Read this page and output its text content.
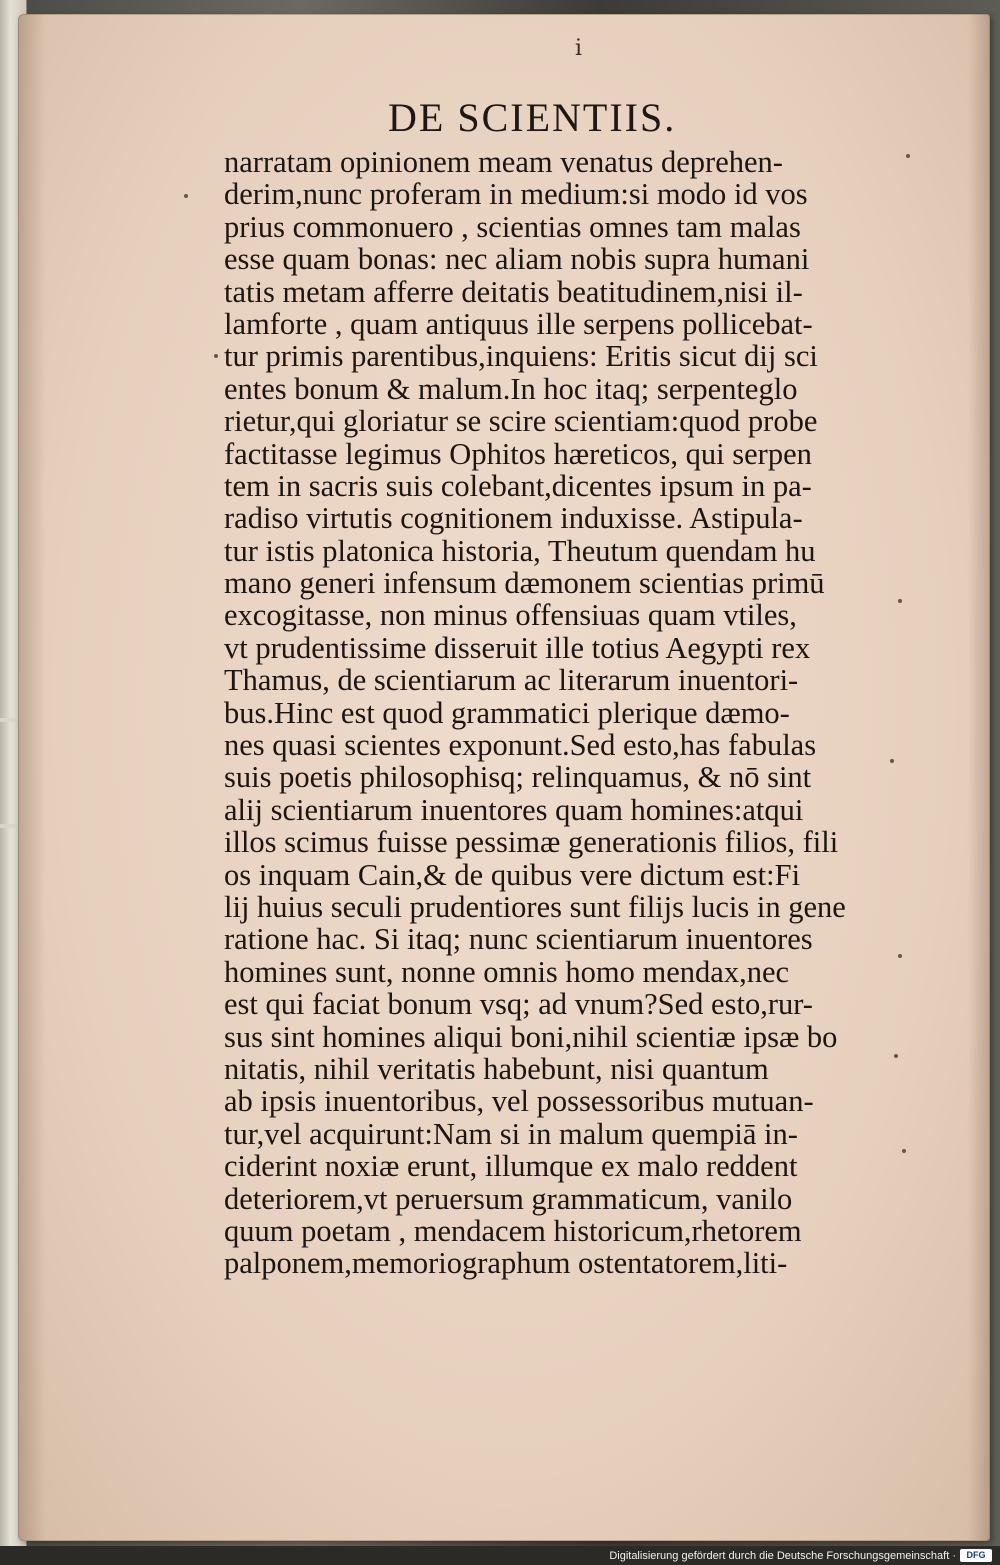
i
DE SCIENTIIS.
narratam opinionem meam venatus deprehen-
derim,nunc proferam in medium:si modo id vos
prius commonuero , scientias omnes tam malas
esse quam bonas: nec aliam nobis supra humani
tatis metam afferre deitatis beatitudinem,nisi il-
lamforte , quam antiquus ille serpens pollicebat-
tur primis parentibus,inquiens: Eritis sicut dij sci
entes bonum & malum.In hoc itaq; serpenteglo
rietur,qui gloriatur se scire scientiam:quod probe
factitasse legimus Ophitos hæreticos, qui serpen
tem in sacris suis colebant,dicentes ipsum in pa-
radiso virtutis cognitionem induxisse. Astipula-
tur istis platonica historia, Theutum quendam hu
mano generi infensum dæmonem scientias primū
excogitasse, non minus offensiuas quam vtiles,
vt prudentissime disseruit ille totius Aegypti rex
Thamus, de scientiarum ac literarum inuentori-
bus.Hinc est quod grammatici plerique dæmo-
nes quasi scientes exponunt.Sed esto,has fabulas
suis poetis philosophisq; relinquamus, & nō sint
alij scientiarum inuentores quam homines:atqui
illos scimus fuisse pessimæ generationis filios, fili
os inquam Cain,& de quibus vere dictum est:Fi
lij huius seculi prudentiores sunt filijs lucis in gene
ratione hac. Si itaq; nunc scientiarum inuentores
homines sunt, nonne omnis homo mendax,nec
est qui faciat bonum vsq; ad vnum?Sed esto,rur-
sus sint homines aliqui boni,nihil scientiæ ipsæ bo
nitatis, nihil veritatis habebunt, nisi quantum
ab ipsis inuentoribus, vel possessoribus mutuan-
tur,vel acquirunt:Nam si in malum quempiā in-
ciderint noxiæ erunt, illumque ex malo reddent
deteriorem,vt peruersum grammaticum, vanilo
quum poetam , mendacem historicum,rhetorem
palponem,memoriographum ostentatorem,liti-
Digitalisierung gefördert durch die Deutsche Forschungsgemeinschaft ·	DFG
